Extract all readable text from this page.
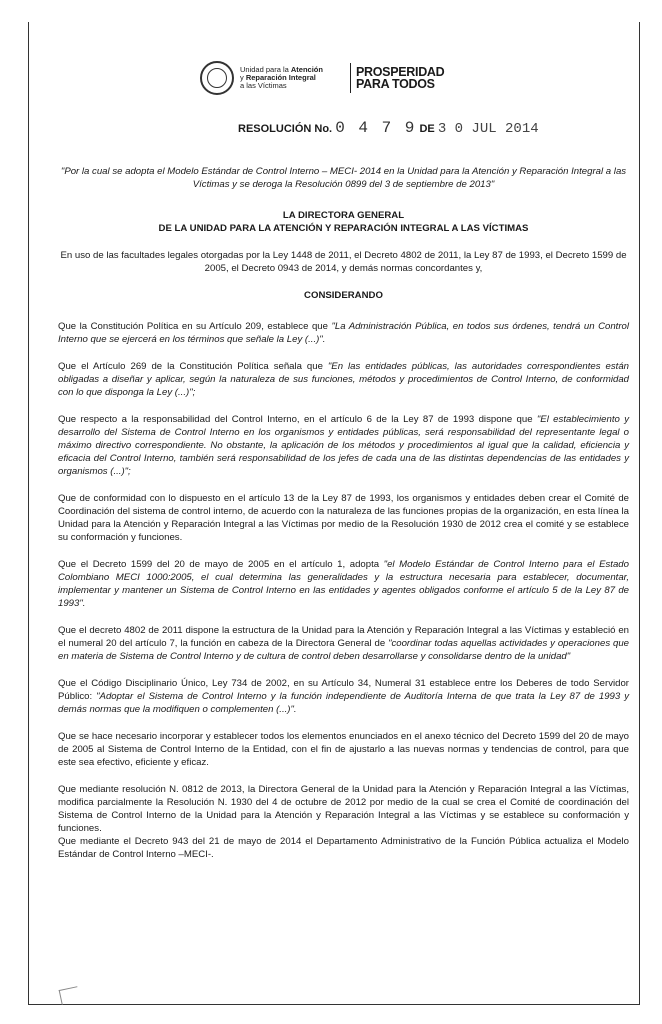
Unidad para la Atención
y Reparación Integral
a las Víctimas
PROSPERIDAD
PARA TODOS
RESOLUCIÓN No. 0 4 7 9 DE 3 0 JUL 2014

"Por la cual se adopta el Modelo Estándar de Control Interno – MECI- 2014 en la Unidad para la Atención y Reparación Integral a las Víctimas y se deroga la Resolución 0899 del 3 de septiembre de 2013"

LA DIRECTORA GENERAL

DE LA UNIDAD PARA LA ATENCIÓN Y REPARACIÓN INTEGRAL A LAS VÍCTIMAS

En uso de las facultades legales otorgadas por la Ley 1448 de 2011, el Decreto 4802 de 2011, la Ley 87 de 1993, el Decreto 1599 de 2005, el Decreto 0943 de 2014, y demás normas concordantes y,

CONSIDERANDO

Que la Constitución Política en su Artículo 209, establece que "La Administración Pública, en todos sus órdenes, tendrá un Control Interno que se ejercerá en los términos que señale la Ley (...)".

Que el Artículo 269 de la Constitución Política señala que "En las entidades públicas, las autoridades correspondientes están obligadas a diseñar y aplicar, según la naturaleza de sus funciones, métodos y procedimientos de Control Interno, de conformidad con lo que disponga la Ley (...)";

Que respecto a la responsabilidad del Control Interno, en el artículo 6 de la Ley 87 de 1993 dispone que "El establecimiento y desarrollo del Sistema de Control Interno en los organismos y entidades públicas, será responsabilidad del representante legal o máximo directivo correspondiente. No obstante, la aplicación de los métodos y procedimientos al igual que la calidad, eficiencia y eficacia del Control Interno, también será responsabilidad de los jefes de cada una de las distintas dependencias de las entidades y organismos (...)";

Que de conformidad con lo dispuesto en el artículo 13 de la Ley 87 de 1993, los organismos y entidades deben crear el Comité de Coordinación del sistema de control interno, de acuerdo con la naturaleza de las funciones propias de la organización, en esta línea la Unidad para la Atención y Reparación Integral a las Víctimas por medio de la Resolución 1930 de 2012 crea el comité y se establece su conformación y funciones.

Que el Decreto 1599 del 20 de mayo de 2005 en el artículo 1, adopta "el Modelo Estándar de Control Interno para el Estado Colombiano MECI 1000:2005, el cual determina las generalidades y la estructura necesaria para establecer, documentar, implementar y mantener un Sistema de Control Interno en las entidades y agentes obligados conforme el artículo 5 de la Ley 87 de 1993".

Que el decreto 4802 de 2011 dispone la estructura de la Unidad para la Atención y Reparación Integral a las Víctimas y estableció en el numeral 20 del artículo 7, la función en cabeza de la Directora General de "coordinar todas aquellas actividades y operaciones que en materia de Sistema de Control Interno y de cultura de control deben desarrollarse y consolidarse dentro de la unidad"

Que el Código Disciplinario Único, Ley 734 de 2002, en su Artículo 34, Numeral 31 establece entre los Deberes de todo Servidor Público: "Adoptar el Sistema de Control Interno y la función independiente de Auditoría Interna de que trata la Ley 87 de 1993 y demás normas que la modifiquen o complementen (...)".

Que se hace necesario incorporar y establecer todos los elementos enunciados en el anexo técnico del Decreto 1599 del 20 de mayo de 2005 al Sistema de Control Interno de la Entidad, con el fin de ajustarlo a las nuevas normas y tendencias de control, para que este sea efectivo, eficiente y eficaz.

Que mediante resolución N. 0812 de 2013, la Directora General de la Unidad para la Atención y Reparación Integral a las Víctimas, modifica parcialmente la Resolución N. 1930 del 4 de octubre de 2012 por medio de la cual se crea el Comité de coordinación del Sistema de Control Interno de la Unidad para la Atención y Reparación Integral a las Víctimas y se establece su conformación y funciones.

Que mediante el Decreto 943 del 21 de mayo de 2014 el Departamento Administrativo de la Función Pública actualiza el Modelo Estándar de Control Interno –MECI-.
